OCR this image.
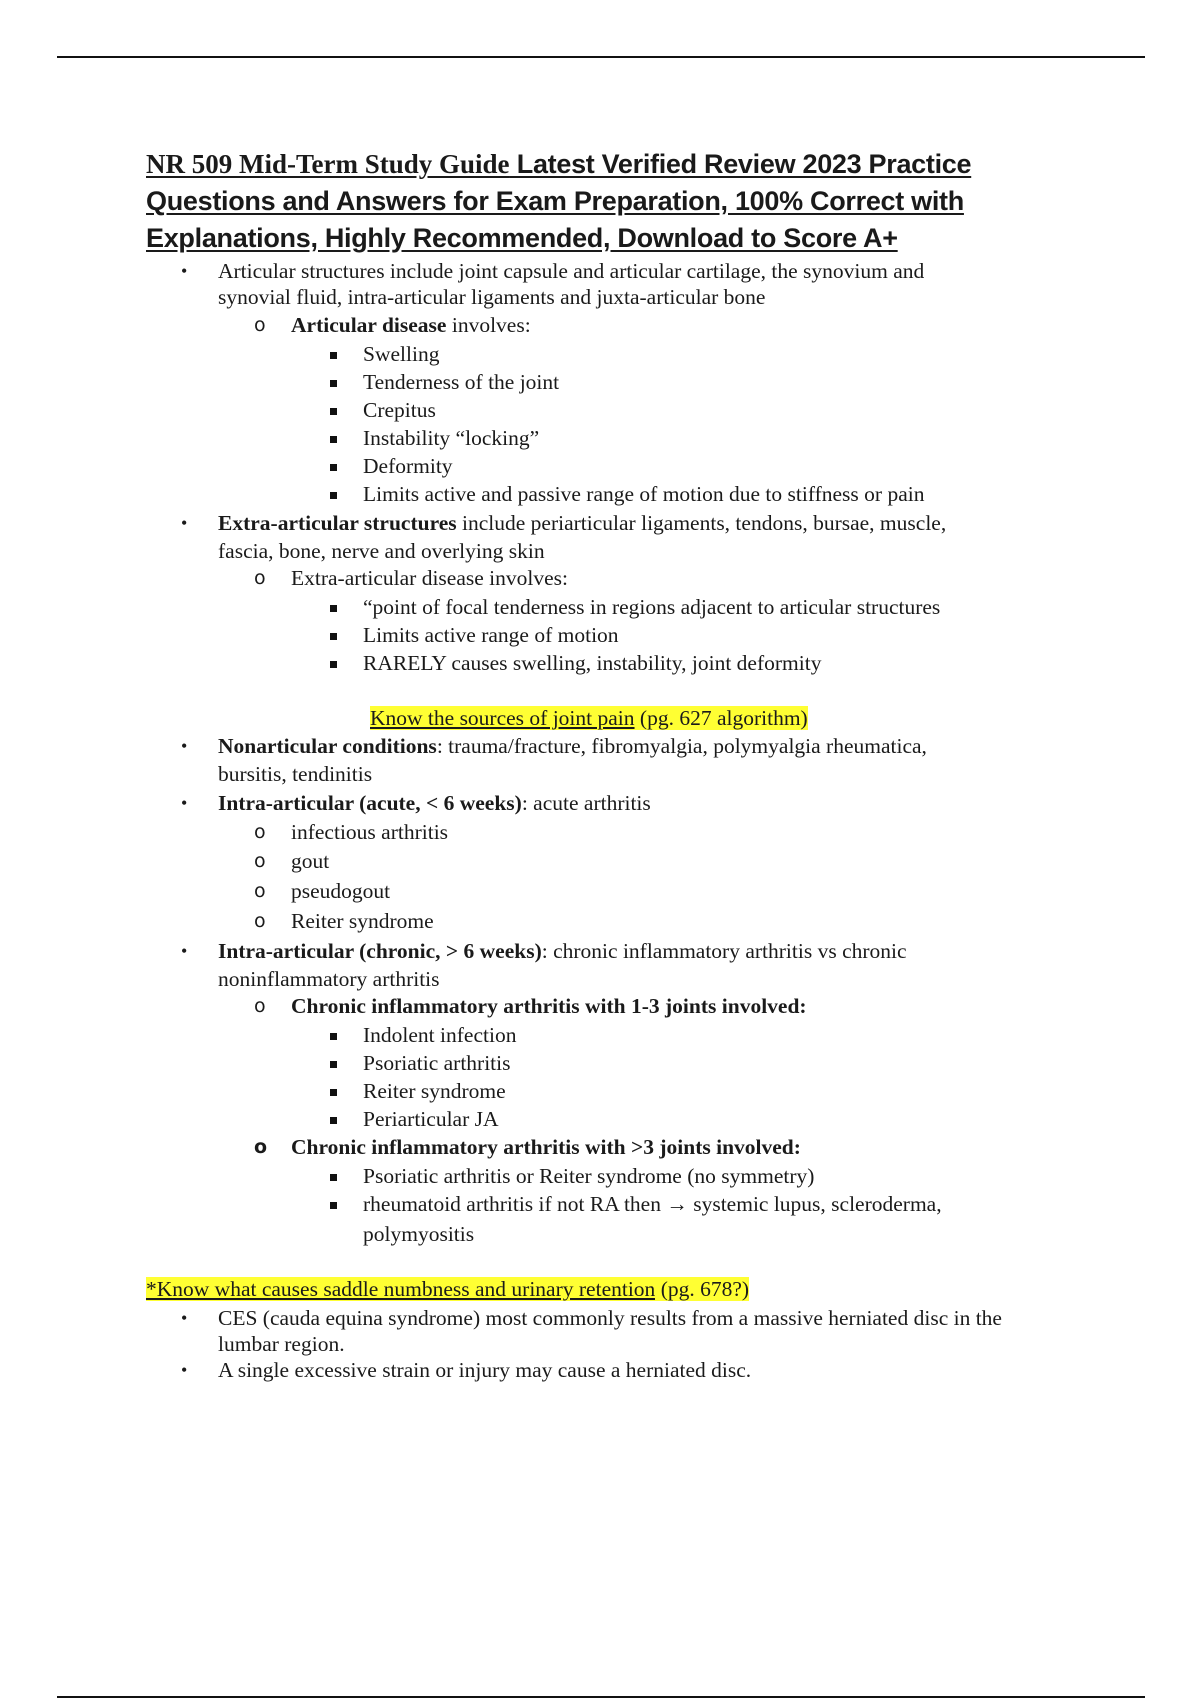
NR 509 Mid-Term Study Guide Latest Verified Review 2023 Practice
Questions and Answers for Exam Preparation, 100% Correct with
Explanations, Highly Recommended, Download to Score A+
• Articular structures include joint capsule and articular cartilage, the synovium and
synovial fluid, intra-articular ligaments and juxta-articular bone
o Articular disease involves:
Swelling
Tenderness of the joint
Crepitus
Instability “locking”
Deformity
Limits active and passive range of motion due to stiffness or pain
• Extra-articular structures include periarticular ligaments, tendons, bursae, muscle,
fascia, bone, nerve and overlying skin
o Extra-articular disease involves:
“point of focal tenderness in regions adjacent to articular structures
Limits active range of motion
RARELY causes swelling, instability, joint deformity
Know the sources of joint pain (pg. 627 algorithm)
• Nonarticular conditions: trauma/fracture, fibromyalgia, polymyalgia rheumatica,
bursitis, tendinitis
• Intra-articular (acute, < 6 weeks): acute arthritis
o infectious arthritis
o gout
o pseudogout
o Reiter syndrome
• Intra-articular (chronic, > 6 weeks): chronic inflammatory arthritis vs chronic
noninflammatory arthritis
o Chronic inflammatory arthritis with 1-3 joints involved:
Indolent infection
Psoriatic arthritis
Reiter syndrome
Periarticular JA
o Chronic inflammatory arthritis with >3 joints involved:
Psoriatic arthritis or Reiter syndrome (no symmetry)
rheumatoid arthritis if not RA then → systemic lupus, scleroderma,
polymyositis
*Know what causes saddle numbness and urinary retention (pg. 678?)
• CES (cauda equina syndrome) most commonly results from a massive herniated disc in the
lumbar region.
• A single excessive strain or injury may cause a herniated disc.
